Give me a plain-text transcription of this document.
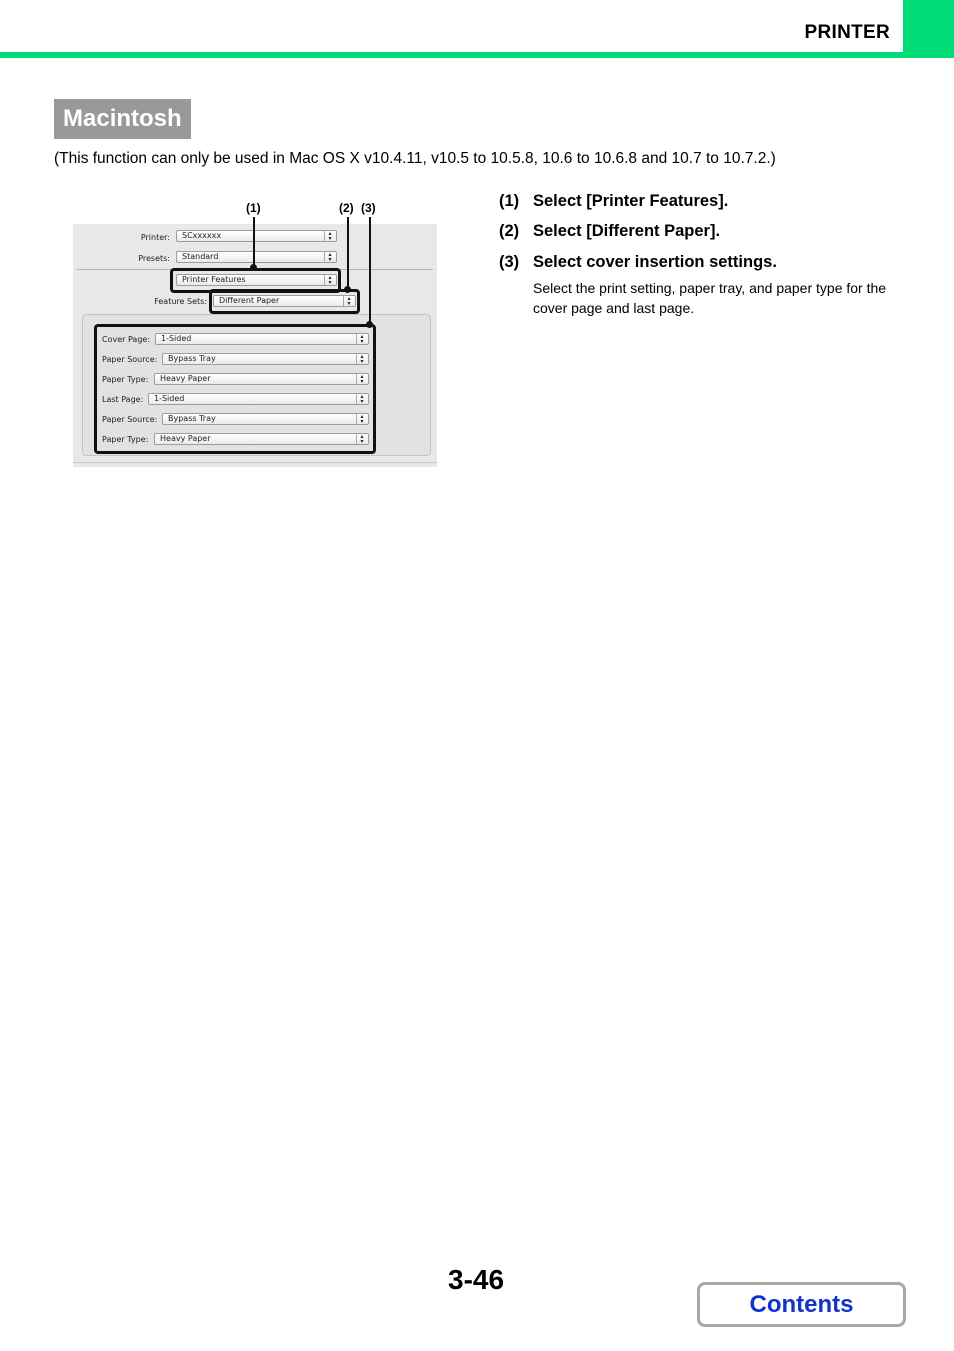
PRINTER
Macintosh
(This function can only be used in Mac OS X v10.4.11, v10.5 to 10.5.8, 10.6 to 10.6.8 and 10.7 to 10.7.2.)
(1)	(2) (3)
Printer:	SCxxxxxx	▴
▾
Presets:	Standard	▴
▾
Printer Features	▴
▾
Feature Sets:	Different Paper	▴
▾
Cover Page:	1-Sided	▴
▾
Paper Source:	Bypass Tray	▴
▾
Paper Type:	Heavy Paper	▴
▾
Last Page:	1-Sided	▴
▾
Paper Source:	Bypass Tray	▴
▾
Paper Type:	Heavy Paper	▴
▾
(1) Select [Printer Features].
(2) Select [Different Paper].
(3) Select cover insertion settings.
Select the print setting, paper tray, and paper type for the cover page and last page.
3-46
Contents
